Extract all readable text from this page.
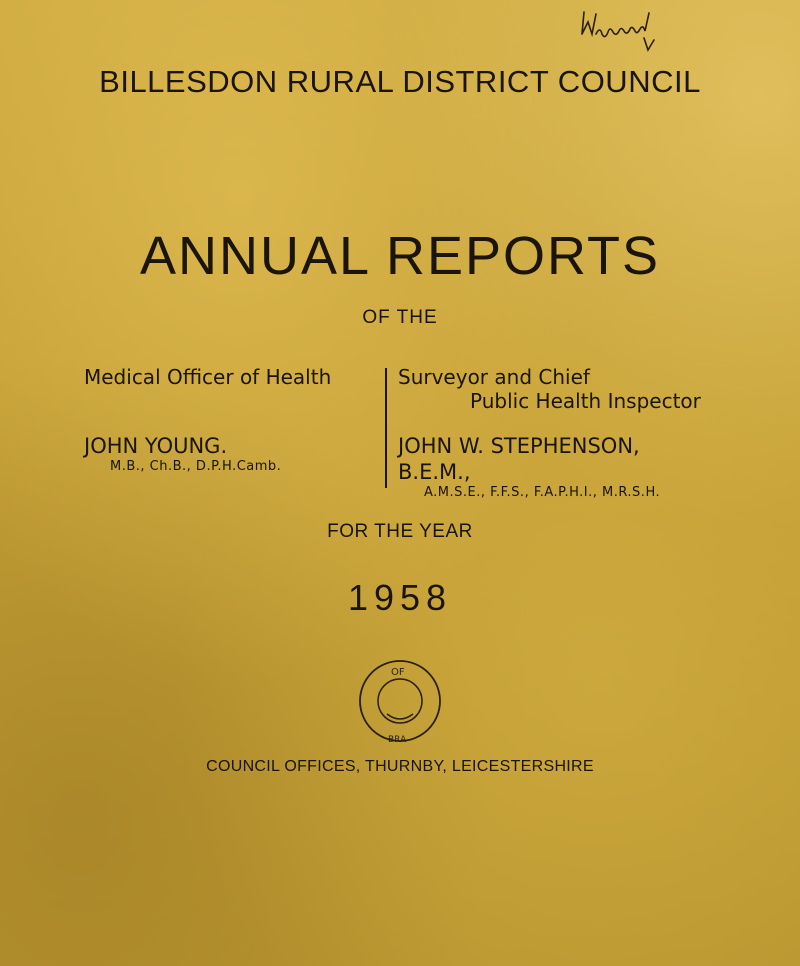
BILLESDON RURAL DISTRICT COUNCIL
ANNUAL REPORTS
OF THE
Medical Officer of Health
JOHN YOUNG.
M.B., Ch.B., D.P.H.Camb.
Surveyor and Chief
Public Health Inspector
JOHN W. STEPHENSON, B.E.M.,
A.M.S.E., F.F.S., F.A.P.H.I., M.R.S.H.
FOR THE YEAR
1958
OF
BRA
COUNCIL OFFICES, THURNBY, LEICESTERSHIRE
